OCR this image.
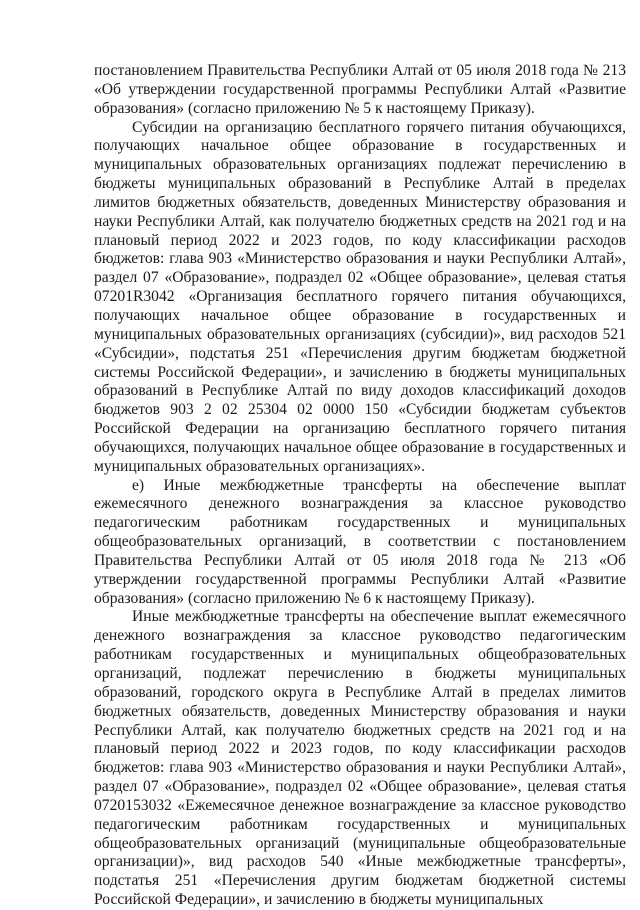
постановлением Правительства Республики Алтай от 05 июля 2018 года № 213 «Об утверждении государственной программы Республики Алтай «Развитие образования» (согласно приложению № 5 к настоящему Приказу).

Субсидии на организацию бесплатного горячего питания обучающихся, получающих начальное общее образование в государственных и муниципальных образовательных организациях подлежат перечислению в бюджеты муниципальных образований в Республике Алтай в пределах лимитов бюджетных обязательств, доведенных Министерству образования и науки Республики Алтай, как получателю бюджетных средств на 2021 год и на плановый период 2022 и 2023 годов, по коду классификации расходов бюджетов: глава 903 «Министерство образования и науки Республики Алтай», раздел 07 «Образование», подраздел 02 «Общее образование», целевая статья 07201R3042 «Организация бесплатного горячего питания обучающихся, получающих начальное общее образование в государственных и муниципальных образовательных организациях (субсидии)», вид расходов 521 «Субсидии», подстатья 251 «Перечисления другим бюджетам бюджетной системы Российской Федерации», и зачислению в бюджеты муниципальных образований в Республике Алтай по виду доходов классификаций доходов бюджетов 903 2 02 25304 02 0000 150 «Субсидии бюджетам субъектов Российской Федерации на организацию бесплатного горячего питания обучающихся, получающих начальное общее образование в государственных и муниципальных образовательных организациях».

е) Иные межбюджетные трансферты на обеспечение выплат ежемесячного денежного вознаграждения за классное руководство педагогическим работникам государственных и муниципальных общеобразовательных организаций, в соответствии с постановлением Правительства Республики Алтай от 05 июля 2018 года № 213 «Об утверждении государственной программы Республики Алтай «Развитие образования» (согласно приложению № 6 к настоящему Приказу).

Иные межбюджетные трансферты на обеспечение выплат ежемесячного денежного вознаграждения за классное руководство педагогическим работникам государственных и муниципальных общеобразовательных организаций, подлежат перечислению в бюджеты муниципальных образований, городского округа в Республике Алтай в пределах лимитов бюджетных обязательств, доведенных Министерству образования и науки Республики Алтай, как получателю бюджетных средств на 2021 год и на плановый период 2022 и 2023 годов, по коду классификации расходов бюджетов: глава 903 «Министерство образования и науки Республики Алтай», раздел 07 «Образование», подраздел 02 «Общее образование», целевая статья 0720153032 «Ежемесячное денежное вознаграждение за классное руководство педагогическим работникам государственных и муниципальных общеобразовательных организаций (муниципальные общеобразовательные организации)», вид расходов 540 «Иные межбюджетные трансферты», подстатья 251 «Перечисления другим бюджетам бюджетной системы Российской Федерации», и зачислению в бюджеты муниципальных
